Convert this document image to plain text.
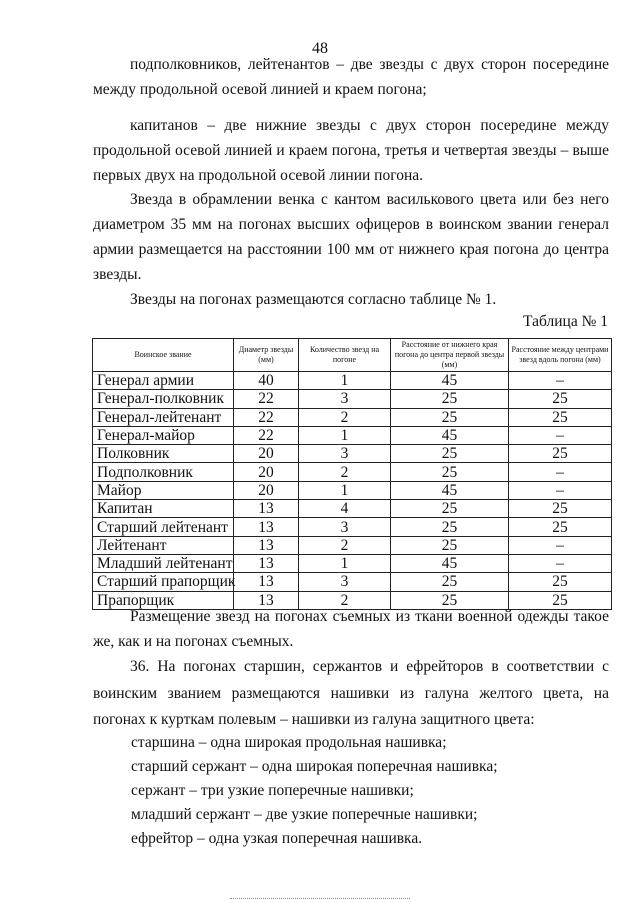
48

подполковников, лейтенантов – две звезды с двух сторон посередине между продольной осевой линией и краем погона;

капитанов – две нижние звезды с двух сторон посередине между продольной осевой линией и краем погона, третья и четвертая звезды – выше первых двух на продольной осевой линии погона.

Звезда в обрамлении венка с кантом василькового цвета или без него диаметром 35 мм на погонах высших офицеров в воинском звании генерал армии размещается на расстоянии 100 мм от нижнего края погона до центра звезды.

Звезды на погонах размещаются согласно таблице № 1.

Таблица № 1
Воинское звание	Диаметр звезды (мм)	Количество звезд на погоне	Расстояние от нижнего края погона до центра первой звезды (мм)	Расстояние между центрами звезд вдоль погона (мм)
Генерал армии	40	1	45	–
Генерал-полковник	22	3	25	25
Генерал-лейтенант	22	2	25	25
Генерал-майор	22	1	45	–
Полковник	20	3	25	25
Подполковник	20	2	25	–
Майор	20	1	45	–
Капитан	13	4	25	25
Старший лейтенант	13	3	25	25
Лейтенант	13	2	25	–
Младший лейтенант	13	1	45	–
Старший прапорщик	13	3	25	25
Прапорщик	13	2	25	25

Размещение звезд на погонах съемных из ткани военной одежды такое же, как и на погонах съемных.

36. На погонах старшин, сержантов и ефрейторов в соответствии с воинским званием размещаются нашивки из галуна желтого цвета, на погонах к курткам полевым – нашивки из галуна защитного цвета:

старшина – одна широкая продольная нашивка;
старший сержант – одна широкая поперечная нашивка;
сержант – три узкие поперечные нашивки;
младший сержант – две узкие поперечные нашивки;
ефрейтор – одна узкая поперечная нашивка.
